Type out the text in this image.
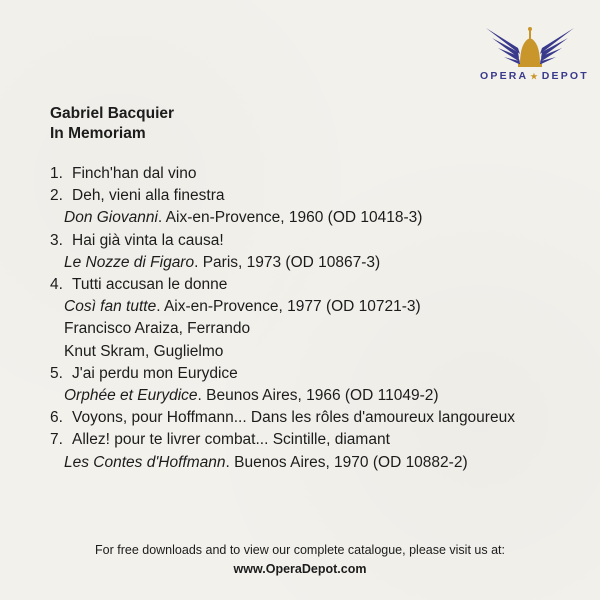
OPERA ★ DEPOT
Gabriel Bacquier
In Memoriam
1. Finch'han dal vino
2. Deh, vieni alla finestra
Don Giovanni. Aix-en-Provence, 1960 (OD 10418-3)
3. Hai già vinta la causa!
Le Nozze di Figaro. Paris, 1973 (OD 10867-3)
4. Tutti accusan le donne
Così fan tutte. Aix-en-Provence, 1977 (OD 10721-3)
Francisco Araiza, Ferrando
Knut Skram, Guglielmo
5. J'ai perdu mon Eurydice
Orphée et Eurydice. Beunos Aires, 1966 (OD 11049-2)
6. Voyons, pour Hoffmann... Dans les rôles d'amoureux langoureux
7. Allez! pour te livrer combat... Scintille, diamant
Les Contes d'Hoffmann. Buenos Aires, 1970 (OD 10882-2)
For free downloads and to view our complete catalogue, please visit us at:
www.OperaDepot.com
